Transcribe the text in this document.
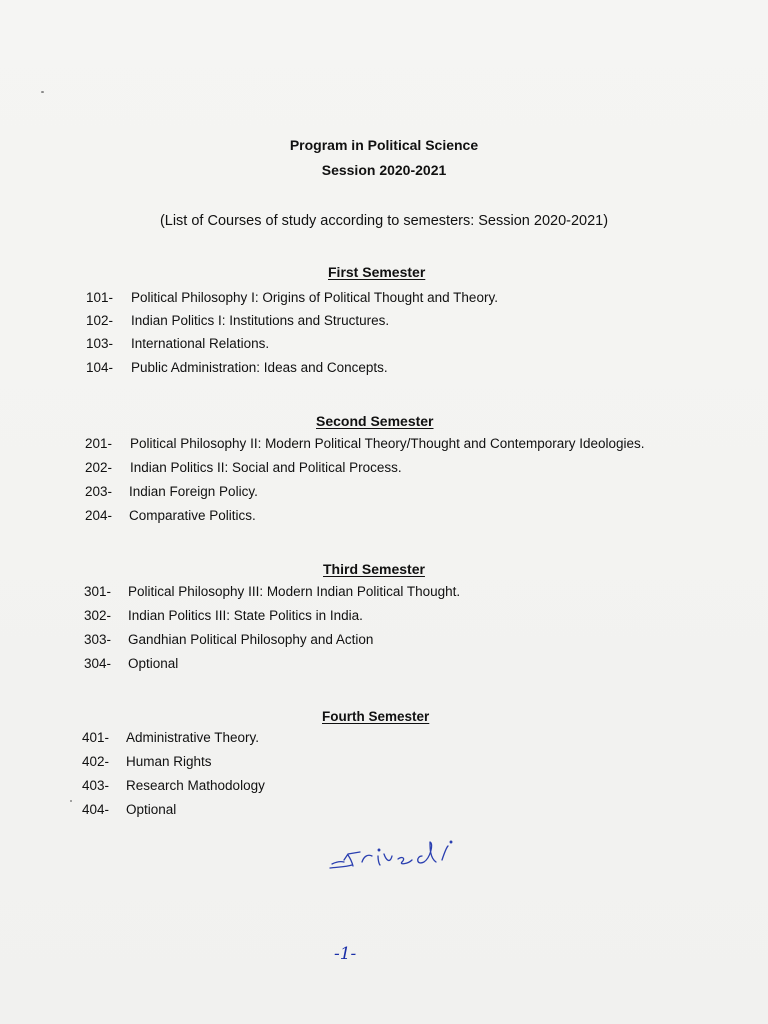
Program in Political Science
Session 2020-2021
(List of Courses of study according to semesters: Session 2020-2021)
First Semester
101- Political Philosophy I: Origins of Political Thought and Theory.
102- Indian Politics I: Institutions and Structures.
103- International Relations.
104- Public Administration: Ideas and Concepts.
Second Semester
201- Political Philosophy II: Modern Political Theory/Thought and Contemporary Ideologies.
202- Indian Politics II: Social and Political Process.
203- Indian Foreign Policy.
204- Comparative Politics.
Third Semester
301- Political Philosophy III: Modern Indian Political Thought.
302- Indian Politics III: State Politics in India.
303- Gandhian Political Philosophy and Action
304- Optional
Fourth Semester
401- Administrative Theory.
402- Human Rights
403- Research Mathodology
404- Optional
-1-
